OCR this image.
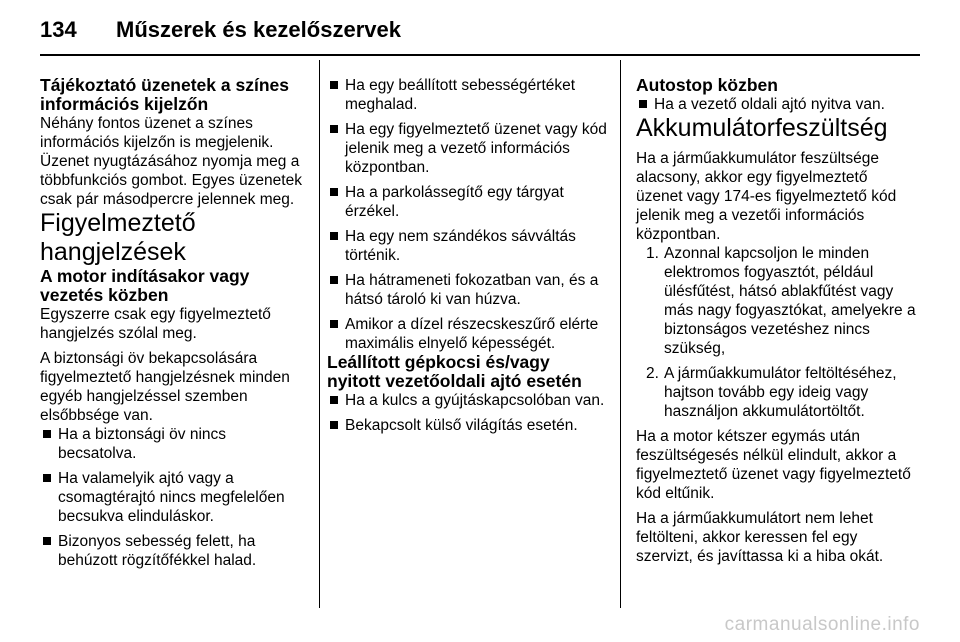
134	Műszerek és kezelőszervek
Tájékoztató üzenetek a színes információs kijelzőn

Néhány fontos üzenet a színes információs kijelzőn is megjelenik. Üzenet nyugtázásához nyomja meg a többfunkciós gombot. Egyes üzenetek csak pár másodpercre jelennek meg.

Figyelmeztető hangjelzések
A motor indításakor vagy vezetés közben

Egyszerre csak egy figyelmeztető hangjelzés szólal meg.

A biztonsági öv bekapcsolására figyelmeztető hangjelzésnek minden egyéb hangjelzéssel szemben elsőbbsége van.

Ha a biztonsági öv nincs becsatolva.
Ha valamelyik ajtó vagy a csomagtérajtó nincs megfelelően becsukva elinduláskor.
Bizonyos sebesség felett, ha behúzott rögzítőfékkel halad.
Ha egy beállított sebességértéket meghalad.
Ha egy figyelmeztető üzenet vagy kód jelenik meg a vezető információs központban.
Ha a parkolássegítő egy tárgyat érzékel.
Ha egy nem szándékos sávváltás történik.
Ha hátrameneti fokozatban van, és a hátsó tároló ki van húzva.
Amikor a dízel részecskeszűrő elérte maximális elnyelő képességét.
Leállított gépkocsi és/vagy nyitott vezetőoldali ajtó esetén
Ha a kulcs a gyújtáskapcsolóban van.
Bekapcsolt külső világítás esetén.
Autostop közben
Ha a vezető oldali ajtó nyitva van.
Akkumulátorfeszültség

Ha a járműakkumulátor feszültsége alacsony, akkor egy figyelmeztető üzenet vagy 174-es figyelmeztető kód jelenik meg a vezetői információs központban.

1. Azonnal kapcsoljon le minden elektromos fogyasztót, például ülésfűtést, hátsó ablakfűtést vagy más nagy fogyasztókat, amelyekre a biztonságos vezetéshez nincs szükség,
2. A járműakkumulátor feltöltéséhez, hajtson tovább egy ideig vagy használjon akkumulátortöltőt.

Ha a motor kétszer egymás után feszültségesés nélkül elindult, akkor a figyelmeztető üzenet vagy figyelmeztető kód eltűnik.

Ha a járműakkumulátort nem lehet feltölteni, akkor keressen fel egy szervizt, és javíttassa ki a hiba okát.

carmanualsonline.info
